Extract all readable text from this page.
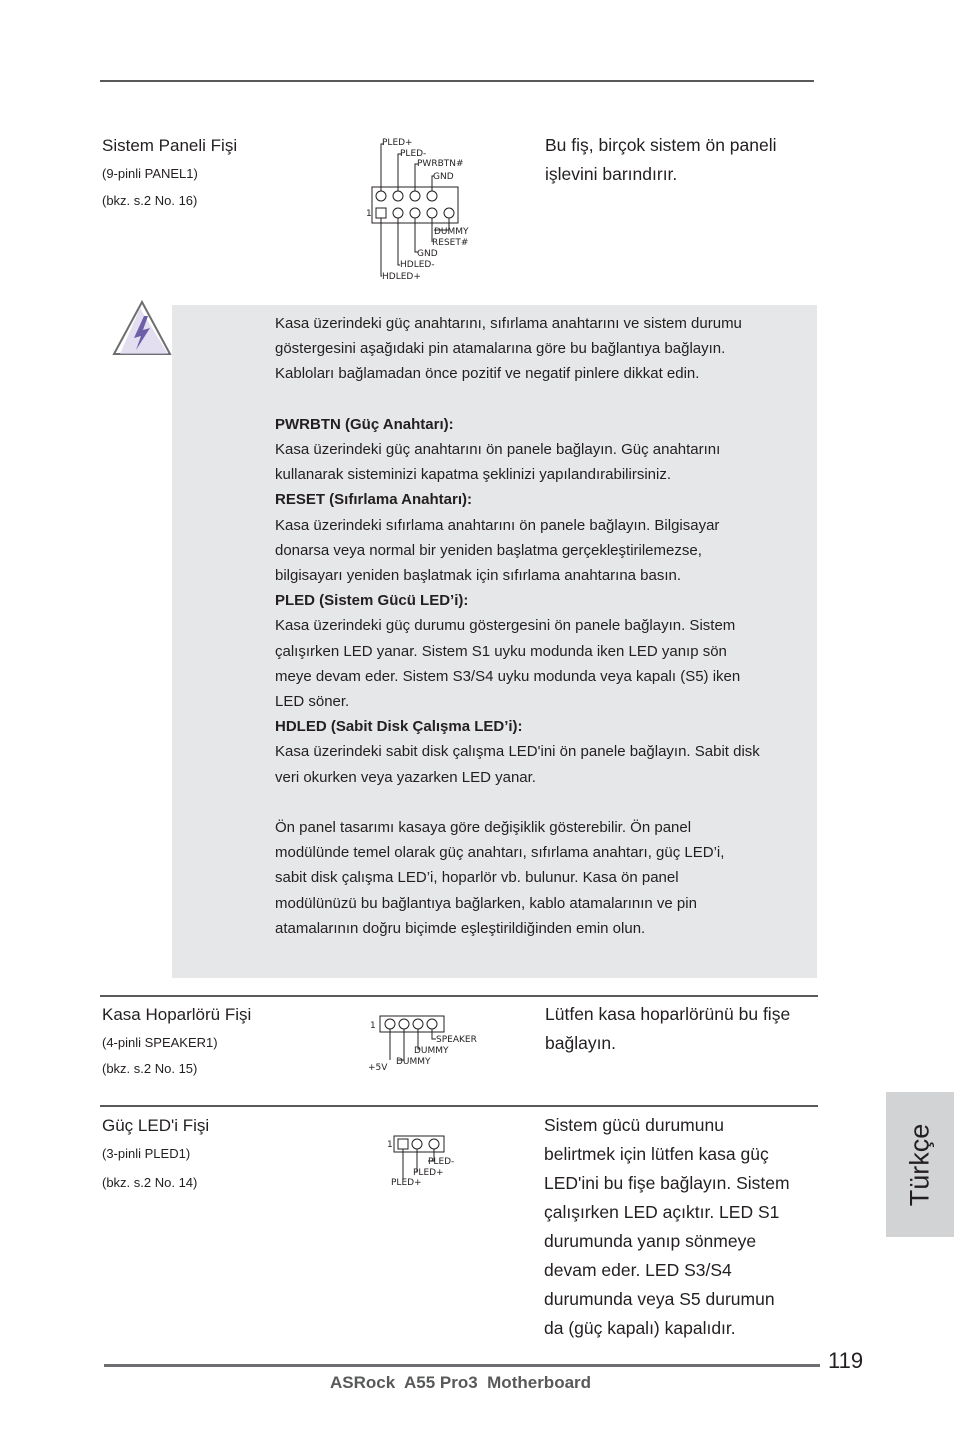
Sistem Paneli Fişi
(9-pinli PANEL1)
(bkz. s.2 No. 16)
Bu fiş, birçok sistem ön paneli
işlevini barındırır.
1
PLED+
PLED-
PWRBTN#
GND
DUMMY
RESET#
GND
HDLED-
HDLED+

Kasa üzerindeki güç anahtarını, sıfırlama anahtarını ve sistem durumu

göstergesini aşağıdaki pin atamalarına göre bu bağlantıya bağlayın.

Kabloları bağlamadan önce pozitif ve negatif pinlere dikkat edin.

PWRBTN (Güç Anahtarı):

Kasa üzerindeki güç anahtarını ön panele bağlayın. Güç anahtarını

kullanarak sisteminizi kapatma şeklinizi yapılandırabilirsiniz.

RESET (Sıfırlama Anahtarı):

Kasa üzerindeki sıfırlama anahtarını ön panele bağlayın. Bilgisayar

donarsa veya normal bir yeniden başlatma gerçekleştirilemezse,

bilgisayarı yeniden başlatmak için sıfırlama anahtarına basın.

PLED (Sistem Gücü LED’i):

Kasa üzerindeki güç durumu göstergesini ön panele bağlayın. Sistem

çalışırken LED yanar. Sistem S1 uyku modunda iken LED yanıp sön

meye devam eder. Sistem S3/S4 uyku modunda veya kapalı (S5) iken

LED söner.

HDLED (Sabit Disk Çalışma LED’i):

Kasa üzerindeki sabit disk çalışma LED'ini ön panele bağlayın. Sabit disk

veri okurken veya yazarken LED yanar.

Ön panel tasarımı kasaya göre değişiklik gösterebilir. Ön panel

modülünde temel olarak güç anahtarı, sıfırlama anahtarı, güç LED’i,

sabit disk çalışma LED’i, hoparlör vb. bulunur. Kasa ön panel

modülünüzü bu bağlantıya bağlarken, kablo atamalarının ve pin

atamalarının doğru biçimde eşleştirildiğinden emin olun.

Kasa Hoparlörü Fişi
(4-pinli SPEAKER1)
(bkz. s.2 No. 15)
Lütfen kasa hoparlörünü bu fişe
bağlayın.
1
SPEAKER
DUMMY
DUMMY
+5V
Güç LED'i Fişi
(3-pinli PLED1)
(bkz. s.2 No. 14)
Sistem gücü durumunu
belirtmek için lütfen kasa güç
LED'ini bu fişe bağlayın. Sistem
çalışırken LED açıktır. LED S1
durumunda yanıp sönmeye
devam eder. LED S3/S4
durumunda veya S5 durumun
da (güç kapalı) kapalıdır.
1
PLED-
PLED+
PLED+	Türkçe
119
ASRock  A55 Pro3  Motherboard
